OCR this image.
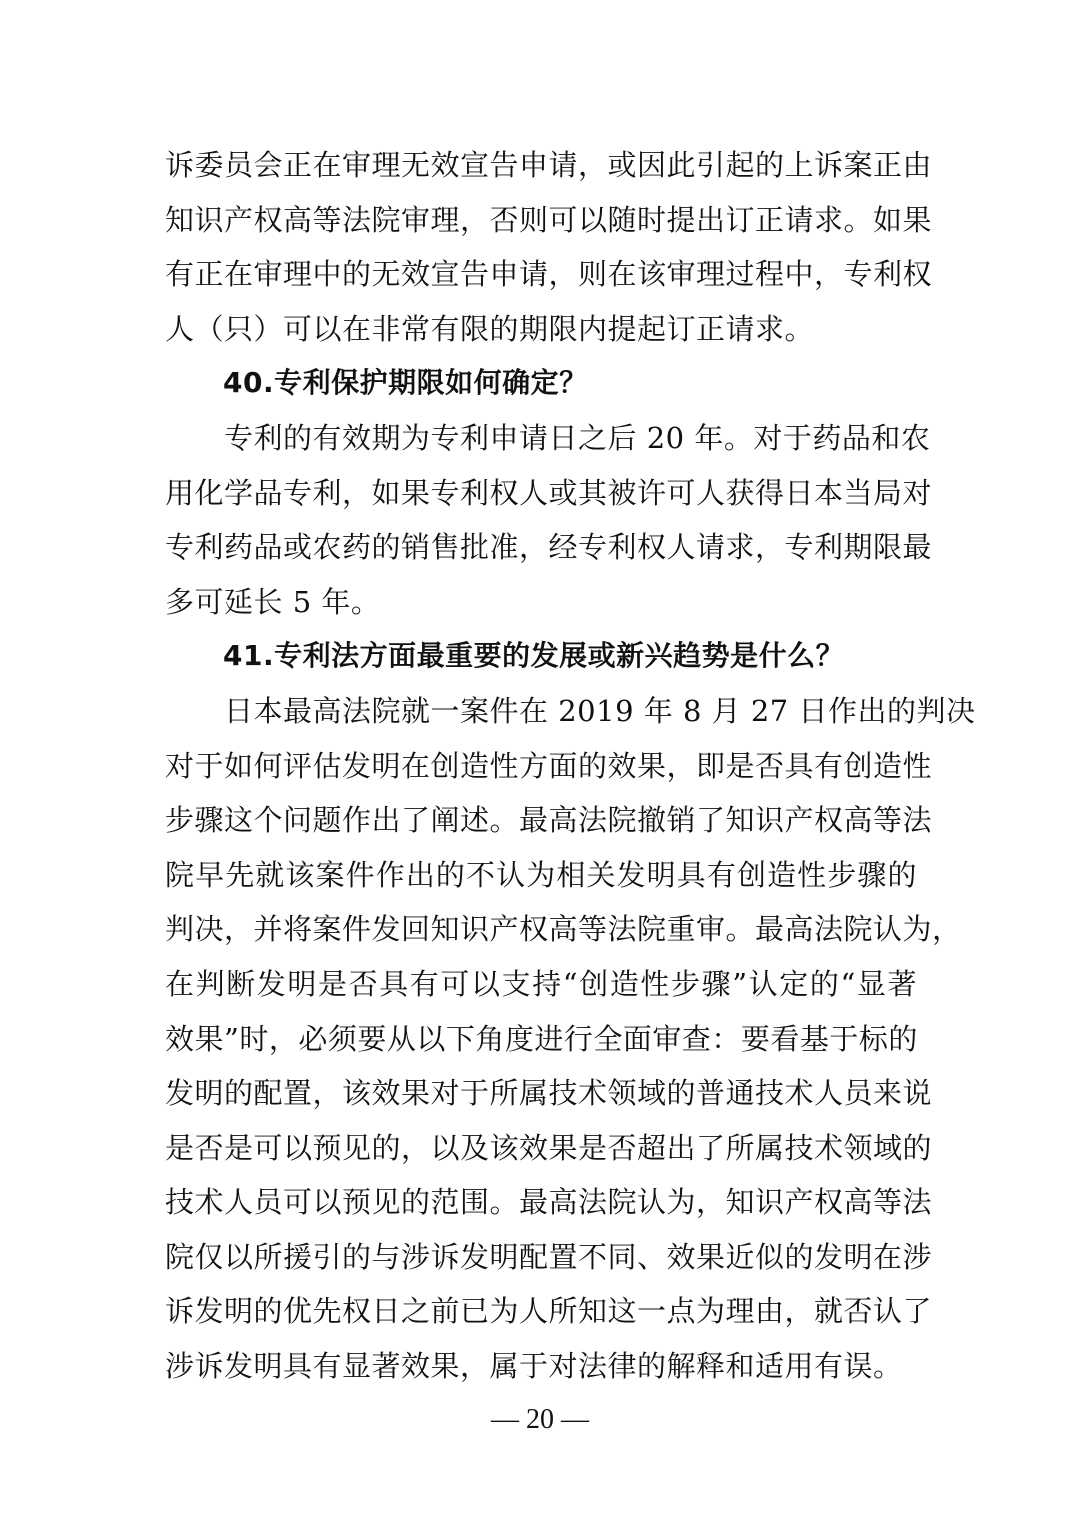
诉委员会正在审理无效宣告申请，或因此引起的上诉案正由
知识产权高等法院审理，否则可以随时提出订正请求。如果
有正在审理中的无效宣告申请，则在该审理过程中，专利权
人（只）可以在非常有限的期限内提起订正请求。
40.专利保护期限如何确定？
　　专利的有效期为专利申请日之后 20 年。对于药品和农
用化学品专利，如果专利权人或其被许可人获得日本当局对
专利药品或农药的销售批准，经专利权人请求，专利期限最
多可延长 5 年。
41.专利法方面最重要的发展或新兴趋势是什么？
　　日本最高法院就一案件在 2019 年 8 月 27 日作出的判决
对于如何评估发明在创造性方面的效果，即是否具有创造性
步骤这个问题作出了阐述。最高法院撤销了知识产权高等法
院早先就该案件作出的不认为相关发明具有创造性步骤的
判决，并将案件发回知识产权高等法院重审。最高法院认为，
在判断发明是否具有可以支持“创造性步骤”认定的“显著
效果”时，必须要从以下角度进行全面审查：要看基于标的
发明的配置，该效果对于所属技术领域的普通技术人员来说
是否是可以预见的，以及该效果是否超出了所属技术领域的
技术人员可以预见的范围。最高法院认为，知识产权高等法
院仅以所援引的与涉诉发明配置不同、效果近似的发明在涉
诉发明的优先权日之前已为人所知这一点为理由，就否认了
涉诉发明具有显著效果，属于对法律的解释和适用有误。
— 20 —
